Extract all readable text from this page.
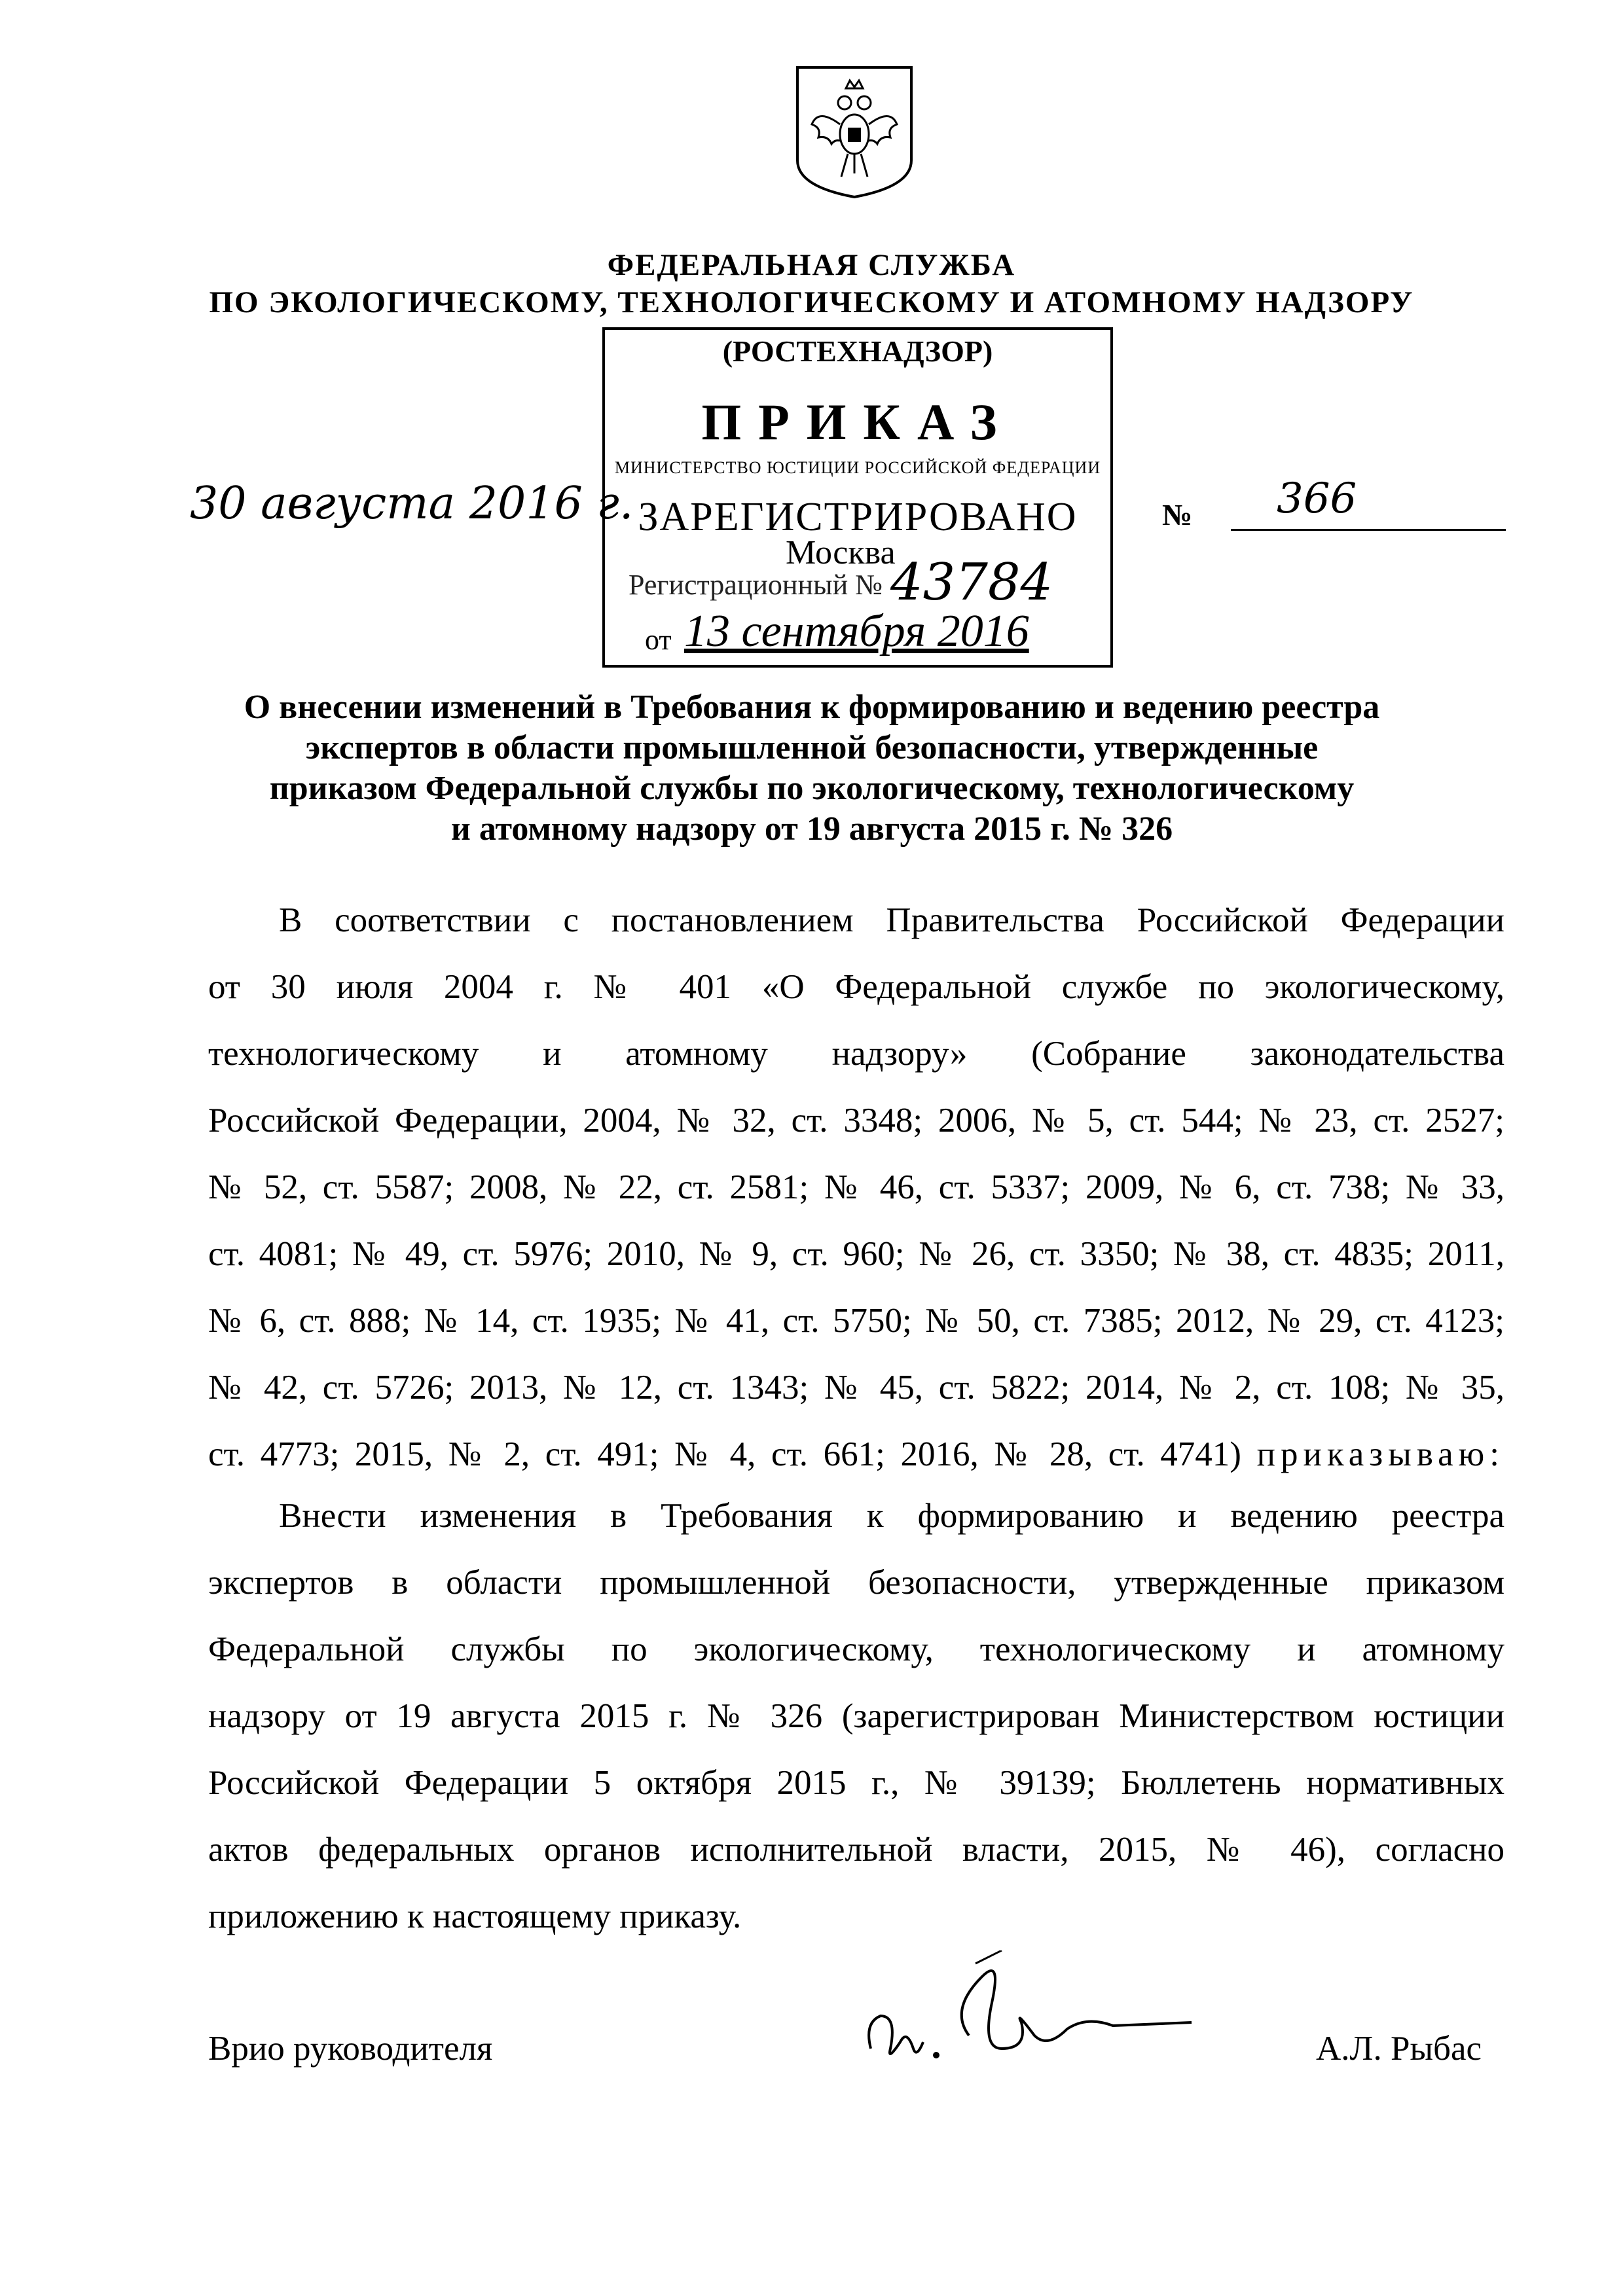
ФЕДЕРАЛЬНАЯ СЛУЖБА
ПО ЭКОЛОГИЧЕСКОМУ, ТЕХНОЛОГИЧЕСКОМУ И АТОМНОМУ НАДЗОРУ
(РОСТЕХНАДЗОР)
ПРИКАЗ
МИНИСТЕРСТВО ЮСТИЦИИ РОССИЙСКОЙ ФЕДЕРАЦИИ
ЗАРЕГИСТРИРОВАНО
Москва
Регистрационный № 43784
от 13 сентября 2016
30 августа 2016 г.	№ 366
О внесении изменений в Требования к формированию и ведению реестра
экспертов в области промышленной безопасности, утвержденные
приказом Федеральной службы по экологическому, технологическому
и атомному надзору от 19 августа 2015 г. № 326
В соответствии с постановлением Правительства Российской Федерации
от 30 июля 2004 г. № 401 «О Федеральной службе по экологическому,
технологическому и атомному надзору» (Собрание законодательства
Российской Федерации, 2004, № 32, ст. 3348; 2006, № 5, ст. 544; № 23, ст. 2527;
№ 52, ст. 5587; 2008, № 22, ст. 2581; № 46, ст. 5337; 2009, № 6, ст. 738; № 33,
ст. 4081; № 49, ст. 5976; 2010, № 9, ст. 960; № 26, ст. 3350; № 38, ст. 4835; 2011,
№ 6, ст. 888; № 14, ст. 1935; № 41, ст. 5750; № 50, ст. 7385; 2012, № 29, ст. 4123;
№ 42, ст. 5726; 2013, № 12, ст. 1343; № 45, ст. 5822; 2014, № 2, ст. 108; № 35,
ст. 4773; 2015, № 2, ст. 491; № 4, ст. 661; 2016, № 28, ст. 4741) приказываю:
Внести изменения в Требования к формированию и ведению реестра
экспертов в области промышленной безопасности, утвержденные приказом
Федеральной службы по экологическому, технологическому и атомному
надзору от 19 августа 2015 г. № 326 (зарегистрирован Министерством юстиции
Российской Федерации 5 октября 2015 г., № 39139; Бюллетень нормативных
актов федеральных органов исполнительной власти, 2015, № 46), согласно
приложению к настоящему приказу.
Врио руководителя	А.Л. Рыбас
